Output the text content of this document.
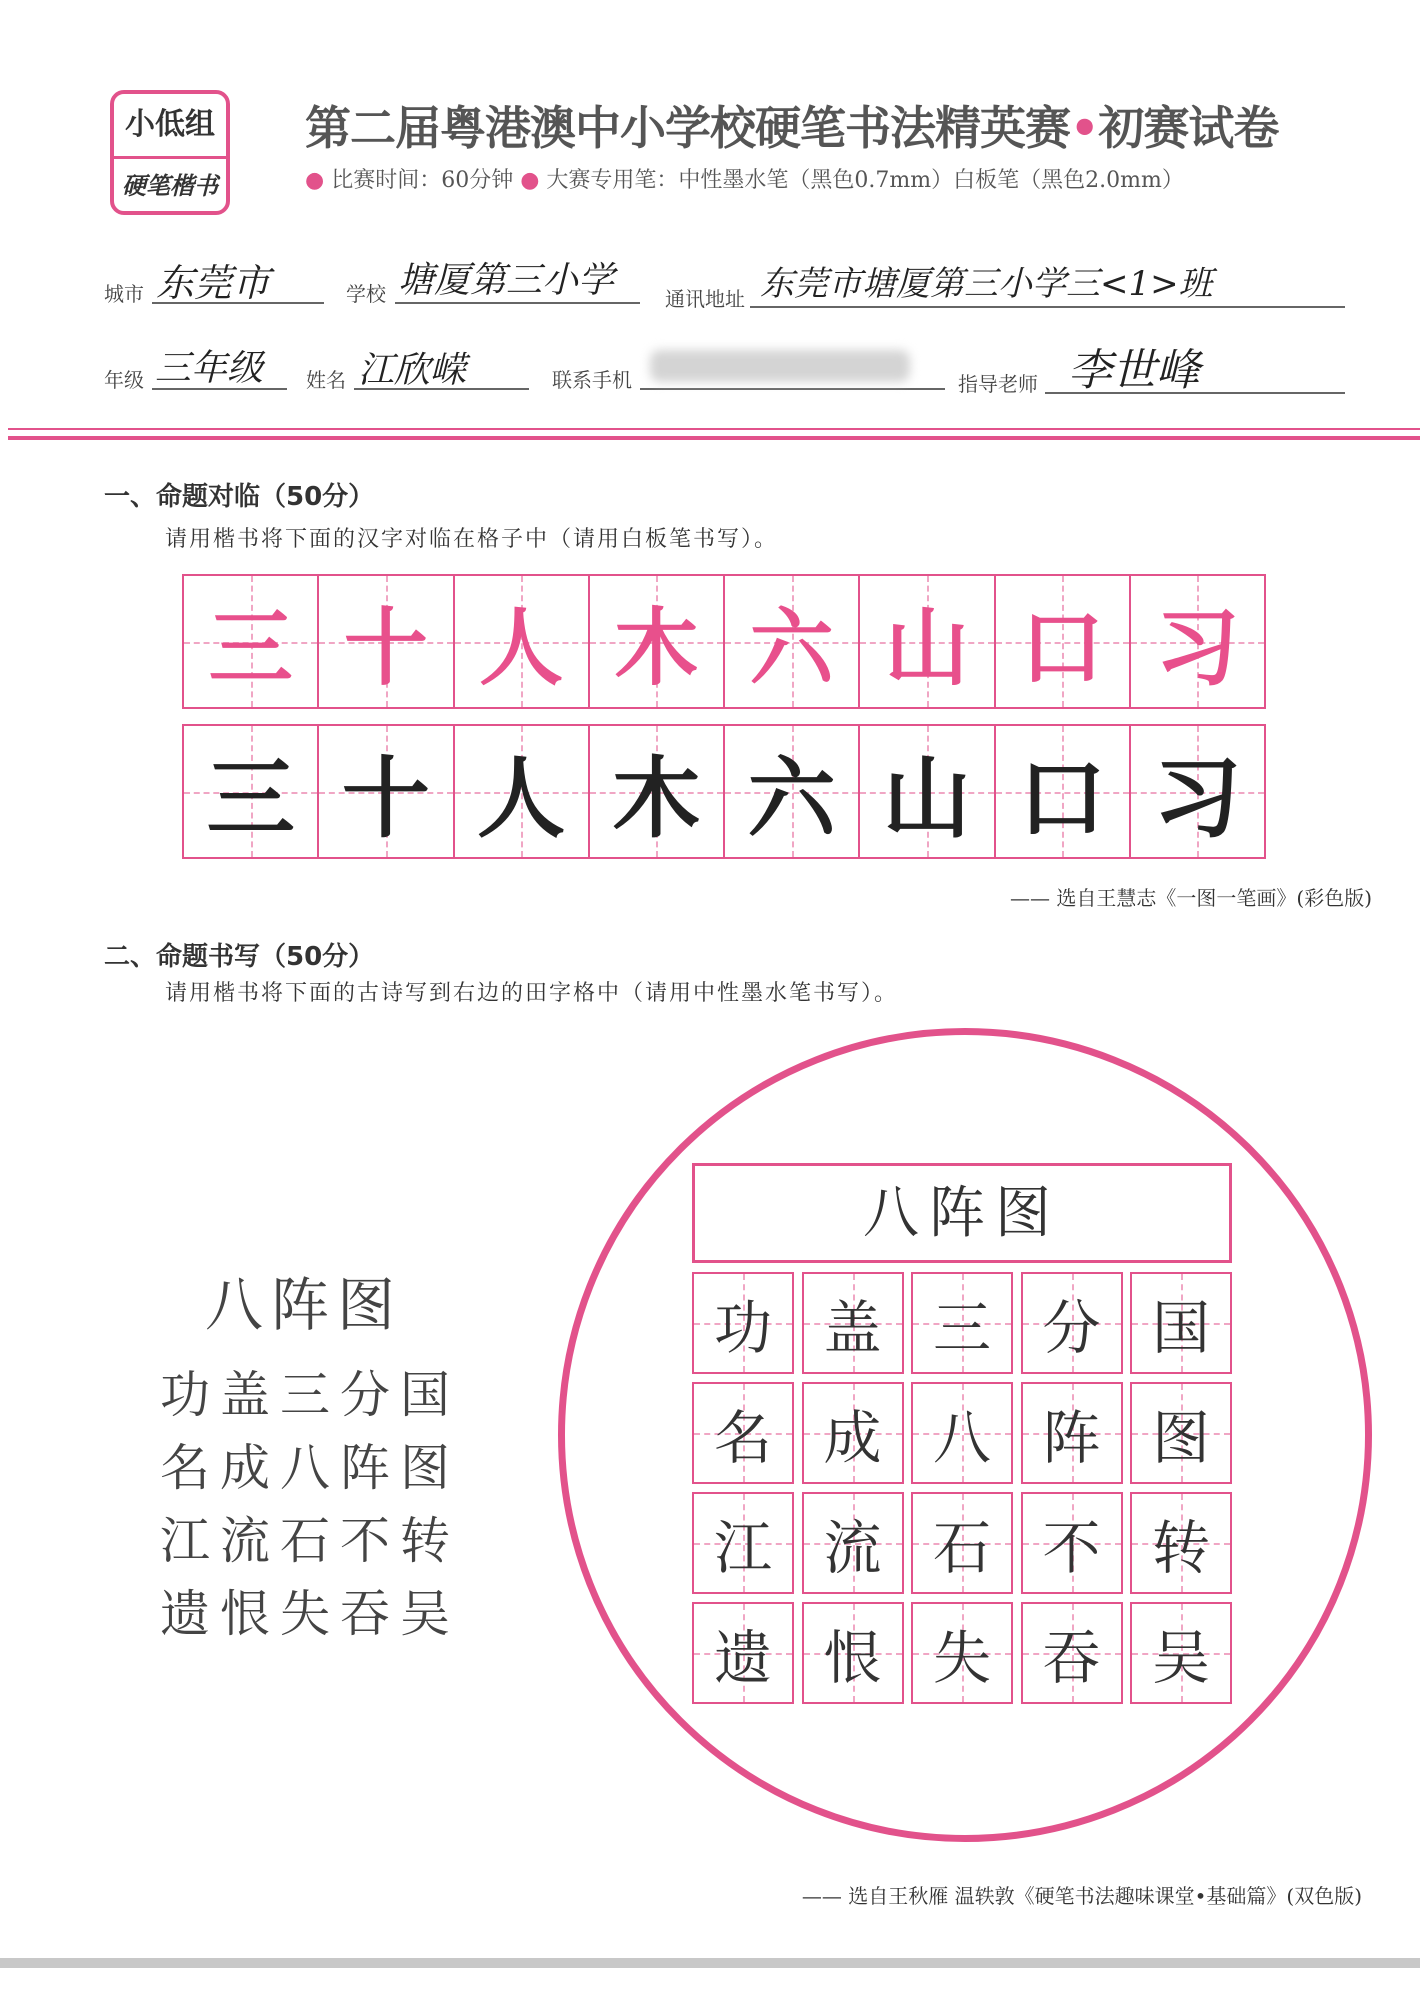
小低组
硬笔楷书
第二届粤港澳中小学校硬笔书法精英赛•初赛试卷
● 比赛时间：60分钟 ● 大赛专用笔：中性墨水笔（黑色0.7mm）白板笔（黑色2.0mm）
城市 东莞市	学校 塘厦第三小学	通讯地址 东莞市塘厦第三小学三<1>班
年级 三年级 姓名 江欣嵘	联系手机	指导老师 李世峰
一、命题对临（50分）
请用楷书将下面的汉字对临在格子中（请用白板笔书写）。
三 十 人 木 六 山 口 习
三 十 人 木 六 山 口 习
—— 选自王慧志《一图一笔画》(彩色版)
二、命题书写（50分）
请用楷书将下面的古诗写到右边的田字格中（请用中性墨水笔书写）。
八阵图
功盖三分国
名成八阵图
江流石不转
遗恨失吞吴
八阵图
功 盖 三 分 国
名 成 八 阵 图
江 流 石 不 转
遗 恨 失 吞 吴
—— 选自王秋雁 温轶敦《硬笔书法趣味课堂•基础篇》(双色版)
